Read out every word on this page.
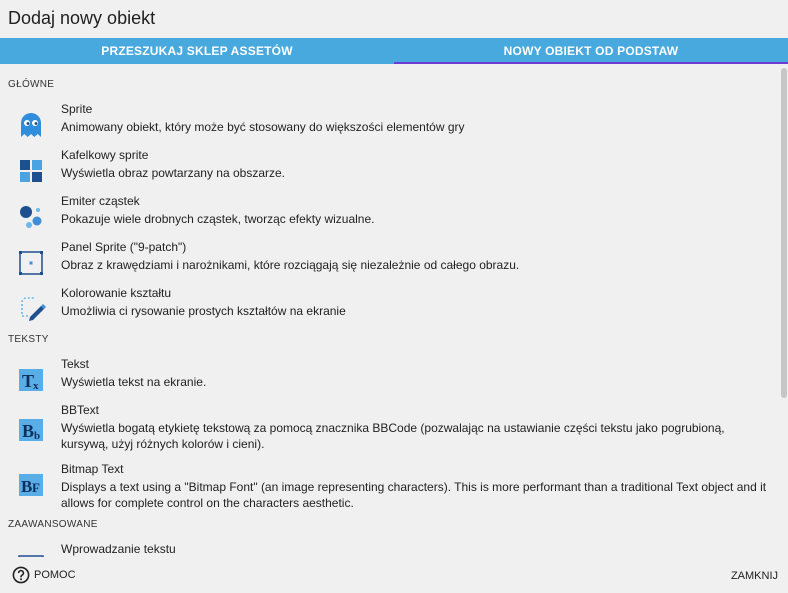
Dodaj nowy obiekt
PRZESZUKAJ SKLEP ASSETÓW	NOWY OBIEKT OD PODSTAW
GŁÓWNE
Sprite
Animowany obiekt, który może być stosowany do większości elementów gry
Kafelkowy sprite
Wyświetla obraz powtarzany na obszarze.
Emiter cząstek
Pokazuje wiele drobnych cząstek, tworząc efekty wizualne.
Panel Sprite ("9-patch")
Obraz z krawędziami i narożnikami, które rozciągają się niezależnie od całego obrazu.
Kolorowanie kształtu
Umożliwia ci rysowanie prostych kształtów na ekranie
TEKSTY
T
x
Tekst
Wyświetla tekst na ekranie.
B b
BBText
Wyświetla bogatą etykietę tekstową za pomocą znacznika BBCode (pozwalając na ustawianie części tekstu jako pogrubioną, kursywą, użyj różnych kolorów i cieni).
B F
Bitmap Text
Displays a text using a "Bitmap Font" (an image representing characters). This is more performant than a traditional Text object and it allows for complete control on the characters aesthetic.
ZAAWANSOWANE
Wprowadzanie tekstu
POMOC	ZAMKNIJ
